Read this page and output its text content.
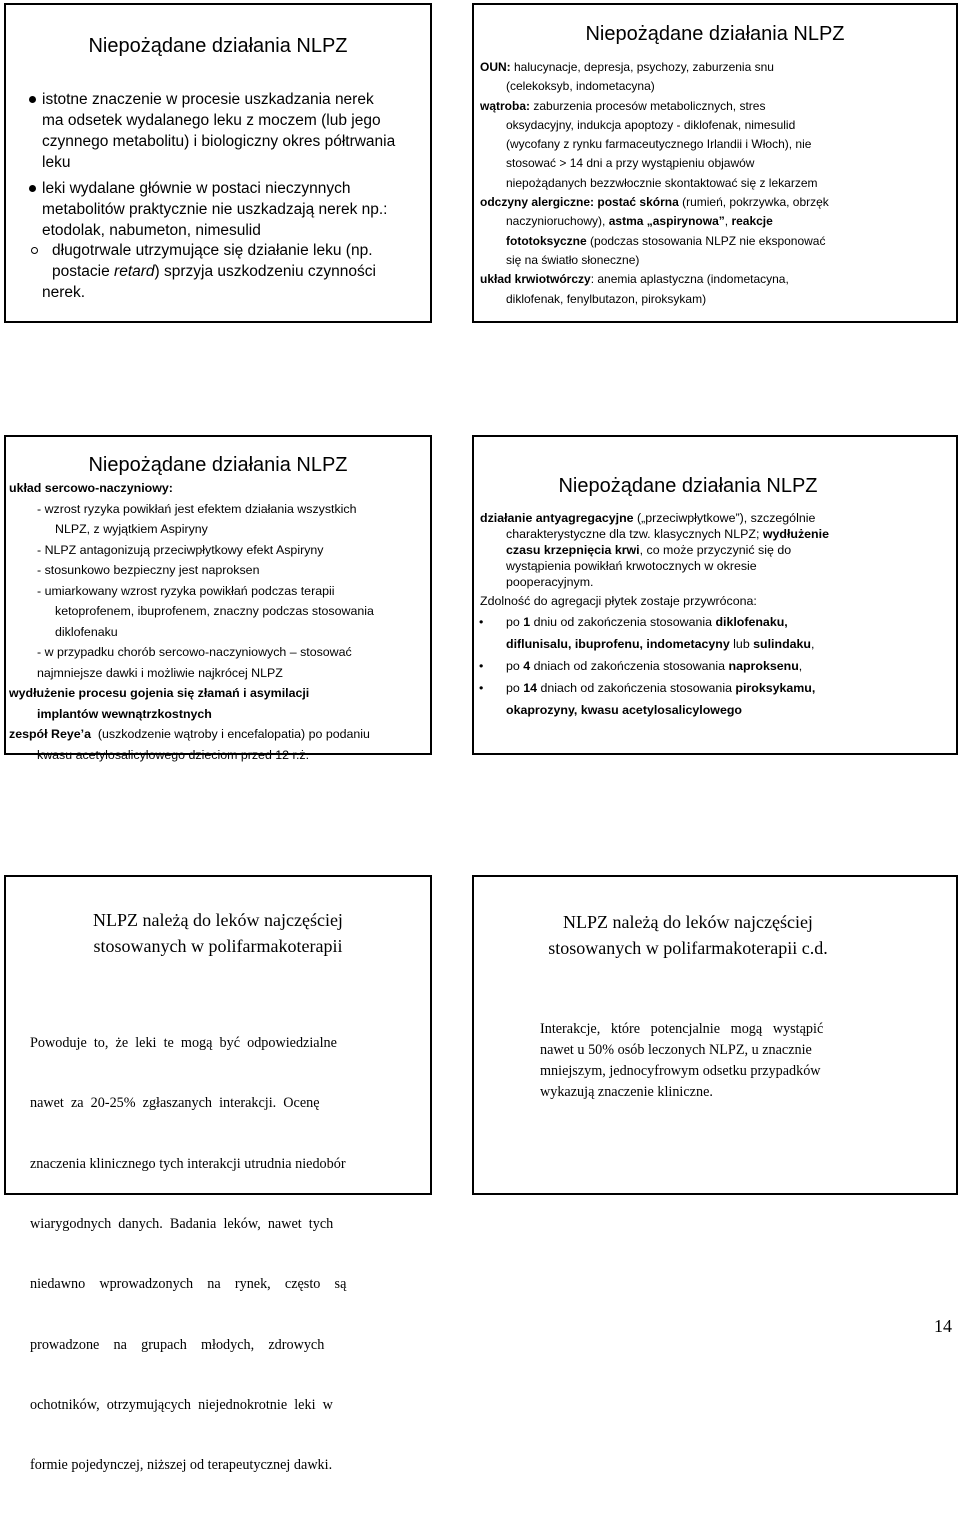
Niepożądane działania NLPZ
istotne znaczenie w procesie uszkadzania nerek
ma odsetek wydalanego leku z moczem (lub jego
czynnego metabolitu) i biologiczny okres półtrwania
leku
leki wydalane głównie w postaci nieczynnych
metabolitów praktycznie nie uszkadzają nerek np.:
etodolak, nabumeton, nimesulid
długotrwale utrzymujące się działanie leku (np.
postacie retard) sprzyja uszkodzeniu czynności
nerek.
Niepożądane działania NLPZ
OUN: halucynacje, depresja, psychozy, zaburzenia snu
(celekoksyb, indometacyna)
wątroba: zaburzenia procesów metabolicznych, stres
oksydacyjny, indukcja apoptozy - diklofenak, nimesulid
(wycofany z rynku farmaceutycznego Irlandii i Włoch), nie
stosować > 14 dni a przy wystąpieniu objawów
niepożądanych bezzwłocznie skontaktować się z lekarzem
odczyny alergiczne: postać skórna (rumień, pokrzywka, obrzęk
naczynioruchowy), astma „aspirynowa”, reakcje
fototoksyczne (podczas stosowania NLPZ nie eksponować
się na światło słoneczne)
układ krwiotwórczy: anemia aplastyczna (indometacyna,
diklofenak, fenylbutazon, piroksykam)
Niepożądane działania NLPZ
układ sercowo-naczyniowy:
- wzrost ryzyka powikłań jest efektem działania wszystkich
NLPZ, z wyjątkiem Aspiryny
- NLPZ antagonizują przeciwpłytkowy efekt Aspiryny
- stosunkowo bezpieczny jest naproksen
- umiarkowany wzrost ryzyka powikłań podczas terapii
ketoprofenem, ibuprofenem, znaczny podczas stosowania
diklofenaku
- w przypadku chorób sercowo-naczyniowych – stosować
najmniejsze dawki i możliwie najkrócej NLPZ
wydłużenie procesu gojenia się złamań i asymilacji
implantów wewnątrzkostnych
zespół Reye’a  (uszkodzenie wątroby i encefalopatia) po podaniu
kwasu acetylosalicylowego dzieciom przed 12 r.ż.
Niepożądane działania NLPZ
działanie antyagregacyjne („przeciwpłytkowe”), szczególnie
charakterystyczne dla tzw. klasycznych NLPZ; wydłużenie
czasu krzepnięcia krwi, co może przyczynić się do
wystąpienia powikłań krwotocznych w okresie
pooperacyjnym.
Zdolność do agregacji płytek zostaje przywrócona:
•	po 1 dniu od zakończenia stosowania diklofenaku,
diflunisalu, ibuprofenu, indometacyny lub sulindaku,
•	po 4 dniach od zakończenia stosowania naproksenu,
•	po 14 dniach od zakończenia stosowania piroksykamu,
okaprozyny, kwasu acetylosalicylowego
NLPZ należą do leków najczęściej
stosowanych w polifarmakoterapii

Powoduje  to,  że  leki  te  mogą  być  odpowiedzialne

nawet  za  20-25%  zgłaszanych  interakcji.  Ocenę

znaczenia klinicznego tych interakcji utrudnia niedobór

wiarygodnych  danych.  Badania  leków,  nawet  tych

niedawno    wprowadzonych    na    rynek,    często    są

prowadzone    na    grupach    młodych,    zdrowych

ochotników,  otrzymujących  niejednokrotnie  leki  w

formie pojedynczej, niższej od terapeutycznej dawki.

NLPZ należą do leków najczęściej
stosowanych w polifarmakoterapii c.d.
Interakcje,   które   potencjalnie   mogą   wystąpić
nawet u 50% osób leczonych NLPZ, u znacznie
mniejszym, jednocyfrowym odsetku przypadków
wykazują znaczenie kliniczne.
14
